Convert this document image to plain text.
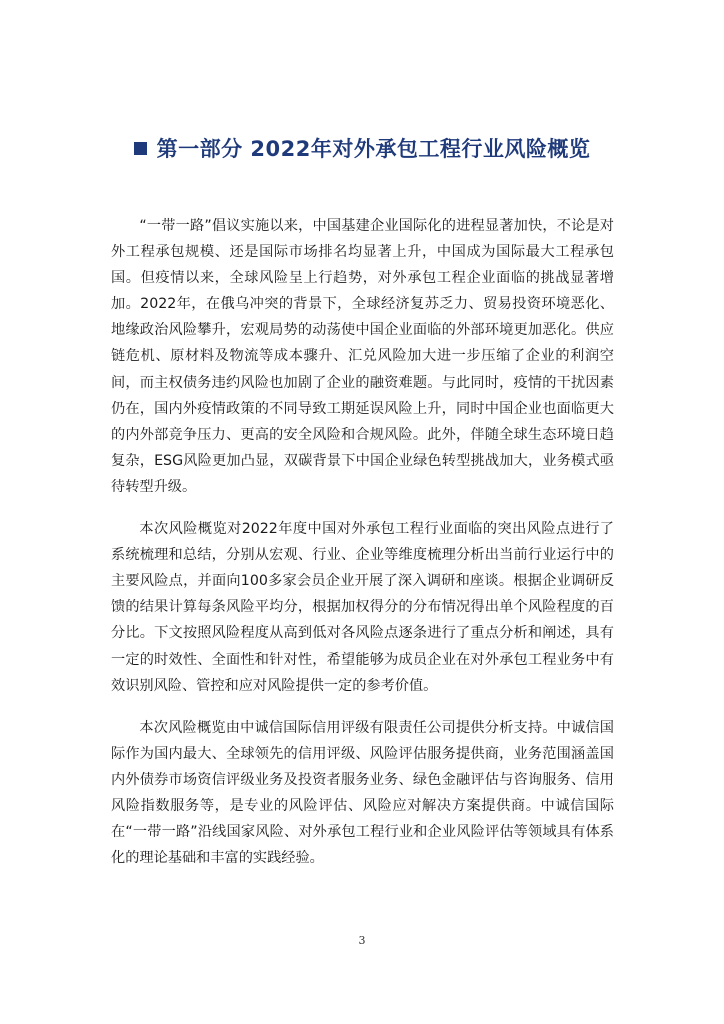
第一部分 2022年对外承包工程行业风险概览

“一带一路”倡议实施以来，中国基建企业国际化的进程显著加快，不论是对外工程承包规模、还是国际市场排名均显著上升，中国成为国际最大工程承包国。但疫情以来，全球风险呈上行趋势，对外承包工程企业面临的挑战显著增加。2022年，在俄乌冲突的背景下，全球经济复苏乏力、贸易投资环境恶化、地缘政治风险攀升，宏观局势的动荡使中国企业面临的外部环境更加恶化。供应链危机、原材料及物流等成本骤升、汇兑风险加大进一步压缩了企业的利润空间，而主权债务违约风险也加剧了企业的融资难题。与此同时，疫情的干扰因素仍在，国内外疫情政策的不同导致工期延误风险上升，同时中国企业也面临更大的内外部竞争压力、更高的安全风险和合规风险。此外，伴随全球生态环境日趋复杂，ESG风险更加凸显，双碳背景下中国企业绿色转型挑战加大，业务模式亟待转型升级。

本次风险概览对2022年度中国对外承包工程行业面临的突出风险点进行了系统梳理和总结，分别从宏观、行业、企业等维度梳理分析出当前行业运行中的主要风险点，并面向100多家会员企业开展了深入调研和座谈。根据企业调研反馈的结果计算每条风险平均分，根据加权得分的分布情况得出单个风险程度的百分比。下文按照风险程度从高到低对各风险点逐条进行了重点分析和阐述，具有一定的时效性、全面性和针对性，希望能够为成员企业在对外承包工程业务中有效识别风险、管控和应对风险提供一定的参考价值。

本次风险概览由中诚信国际信用评级有限责任公司提供分析支持。中诚信国际作为国内最大、全球领先的信用评级、风险评估服务提供商，业务范围涵盖国内外债券市场资信评级业务及投资者服务业务、绿色金融评估与咨询服务、信用风险指数服务等，是专业的风险评估、风险应对解决方案提供商。中诚信国际在“一带一路”沿线国家风险、对外承包工程行业和企业风险评估等领域具有体系化的理论基础和丰富的实践经验。

3
